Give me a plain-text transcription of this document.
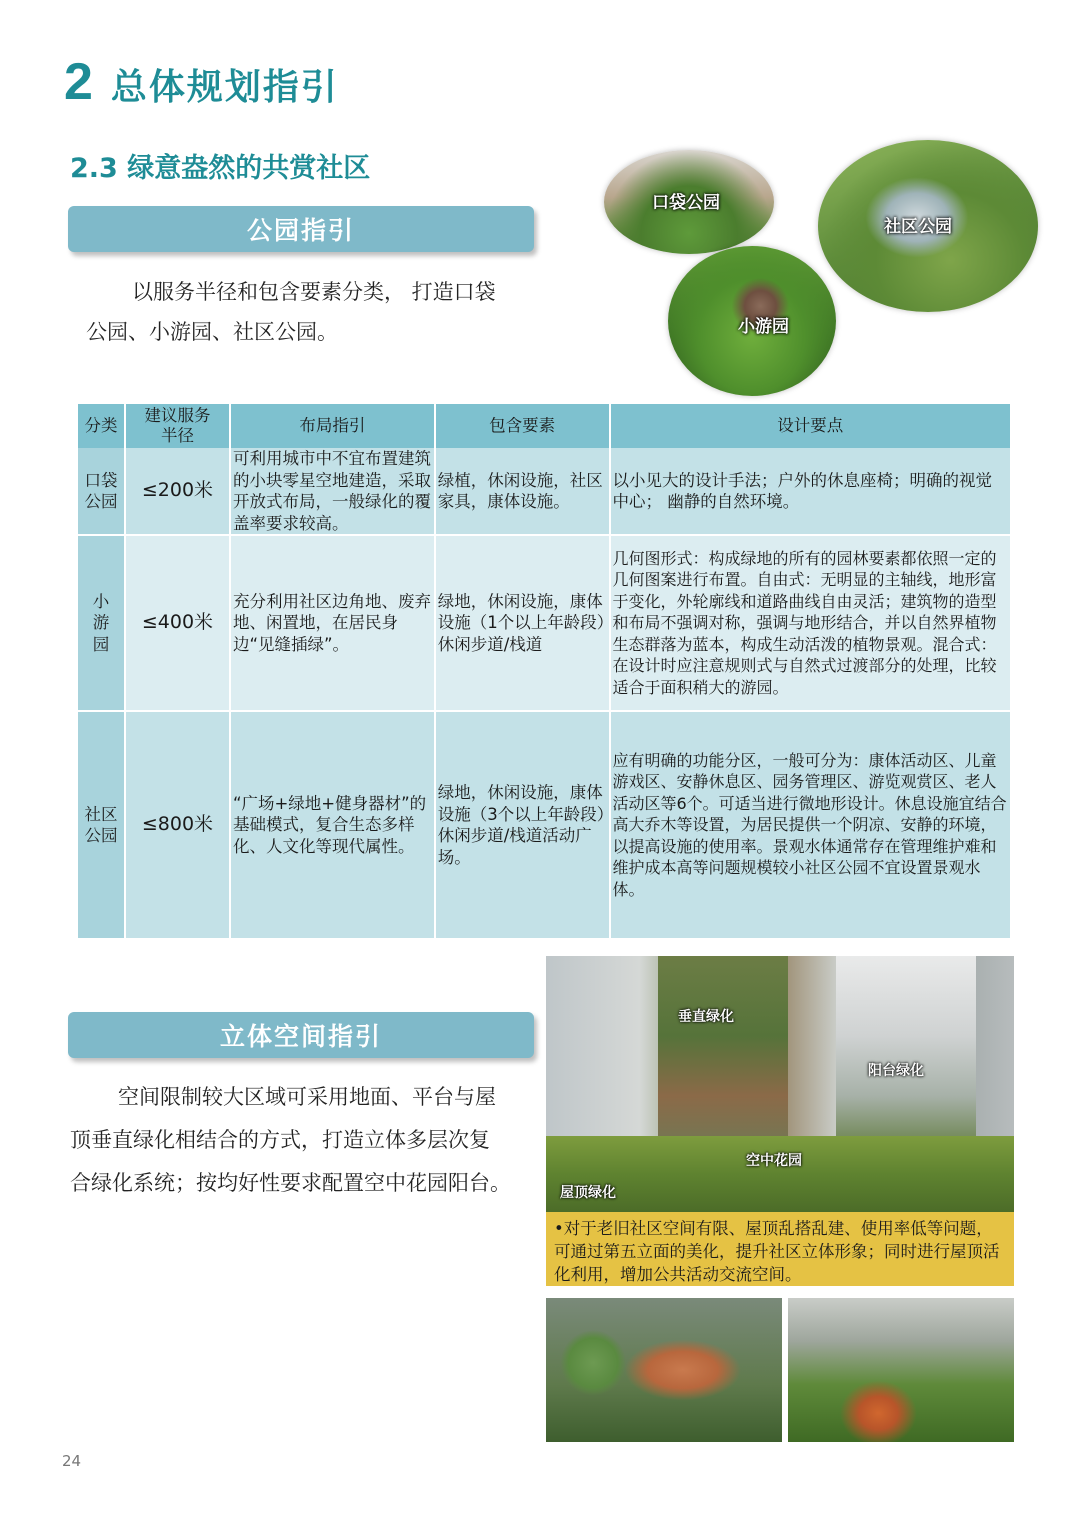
2 总体规划指引
2.3 绿意盎然的共赏社区
公园指引
以服务半径和包含要素分类， 打造口袋
公园、小游园、社区公园。
口袋公园
社区公园
小游园
分类	建议服务半径	布局指引	包含要素	设计要点

口袋公园	≤200米	可利用城市中不宜布置建筑的小块零星空地建造，采取开放式布局，一般绿化的覆盖率要求较高。	绿植，休闲设施，社区家具，康体设施。	以小见大的设计手法；户外的休息座椅；明确的视觉中心； 幽静的自然环境。

小游园	≤400米	充分利用社区边角地、废弃地、闲置地，在居民身边“见缝插绿”。	绿地，休闲设施，康体设施（1个以上年龄段）休闲步道/栈道	几何图形式：构成绿地的所有的园林要素都依照一定的几何图案进行布置。自由式：无明显的主轴线，地形富于变化，外轮廓线和道路曲线自由灵活；建筑物的造型和布局不强调对称，强调与地形结合，并以自然界植物生态群落为蓝本，构成生动活泼的植物景观。混合式：在设计时应注意规则式与自然式过渡部分的处理，比较适合于面积稍大的游园。

社区公园	≤800米	“广场+绿地+健身器材”的基础模式，复合生态多样化、人文化等现代属性。	绿地，休闲设施，康体设施（3个以上年龄段）休闲步道/栈道活动广场。	应有明确的功能分区，一般可分为：康体活动区、儿童游戏区、安静休息区、园务管理区、游览观赏区、老人活动区等6个。可适当进行微地形设计。休息设施宜结合高大乔木等设置，为居民提供一个阴凉、安静的环境，以提高设施的使用率。景观水体通常存在管理维护难和维护成本高等问题规模较小社区公园不宜设置景观水体。
立体空间指引
空间限制较大区域可采用地面、平台与屋
顶垂直绿化相结合的方式，打造立体多层次复
合绿化系统；按均好性要求配置空中花园阳台。
垂直绿化
阳台绿化
空中花园
屋顶绿化
•对于老旧社区空间有限、屋顶乱搭乱建、使用率低等问题，可通过第五立面的美化，提升社区立体形象；同时进行屋顶活化利用，增加公共活动交流空间。
24
